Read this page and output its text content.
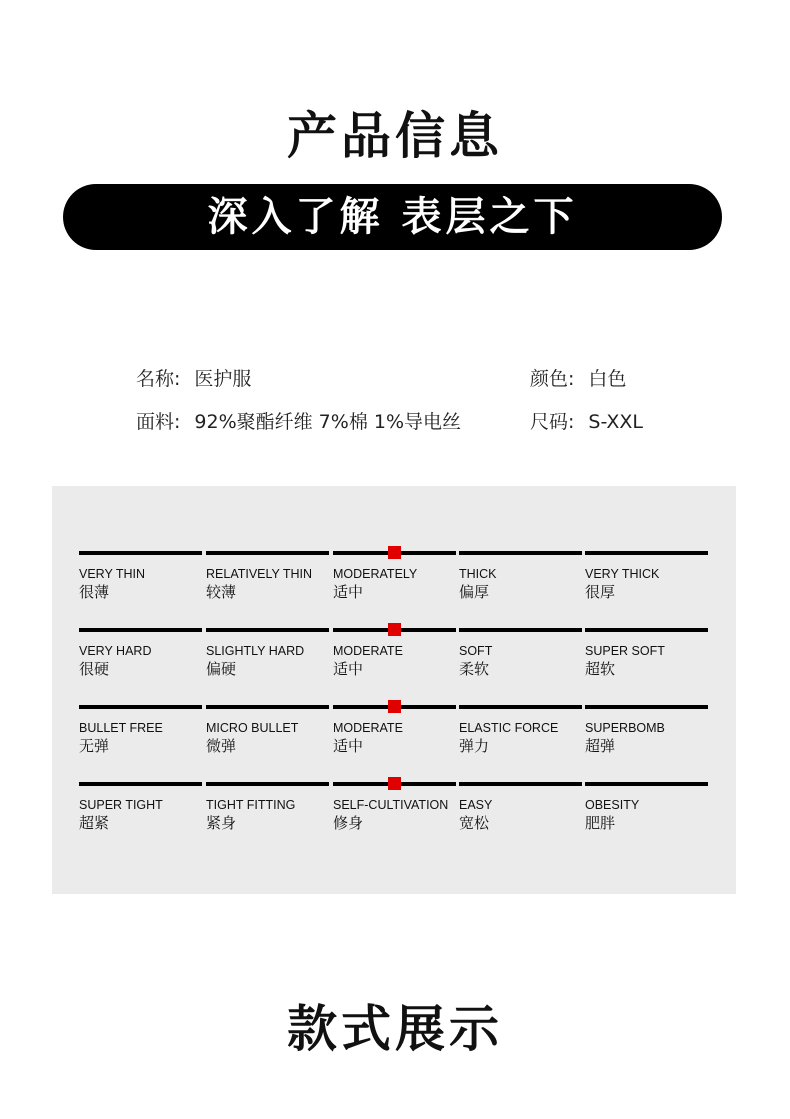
产品信息
深入了解 表层之下
名称: 医护服	颜色: 白色
面料: 92%聚酯纤维 7%棉 1%导电丝	尺码: S-XXL
VERY THIN
很薄
RELATIVELY THIN
较薄
MODERATELY
适中
THICK
偏厚
VERY THICK
很厚
VERY HARD
很硬
SLIGHTLY HARD
偏硬
MODERATE
适中
SOFT
柔软
SUPER SOFT
超软
BULLET FREE
无弹
MICRO BULLET
微弹
MODERATE
适中
ELASTIC FORCE
弹力
SUPERBOMB
超弹
SUPER TIGHT
超紧
TIGHT FITTING
紧身
SELF-CULTIVATION
修身
EASY
宽松
OBESITY
肥胖
款式展示
